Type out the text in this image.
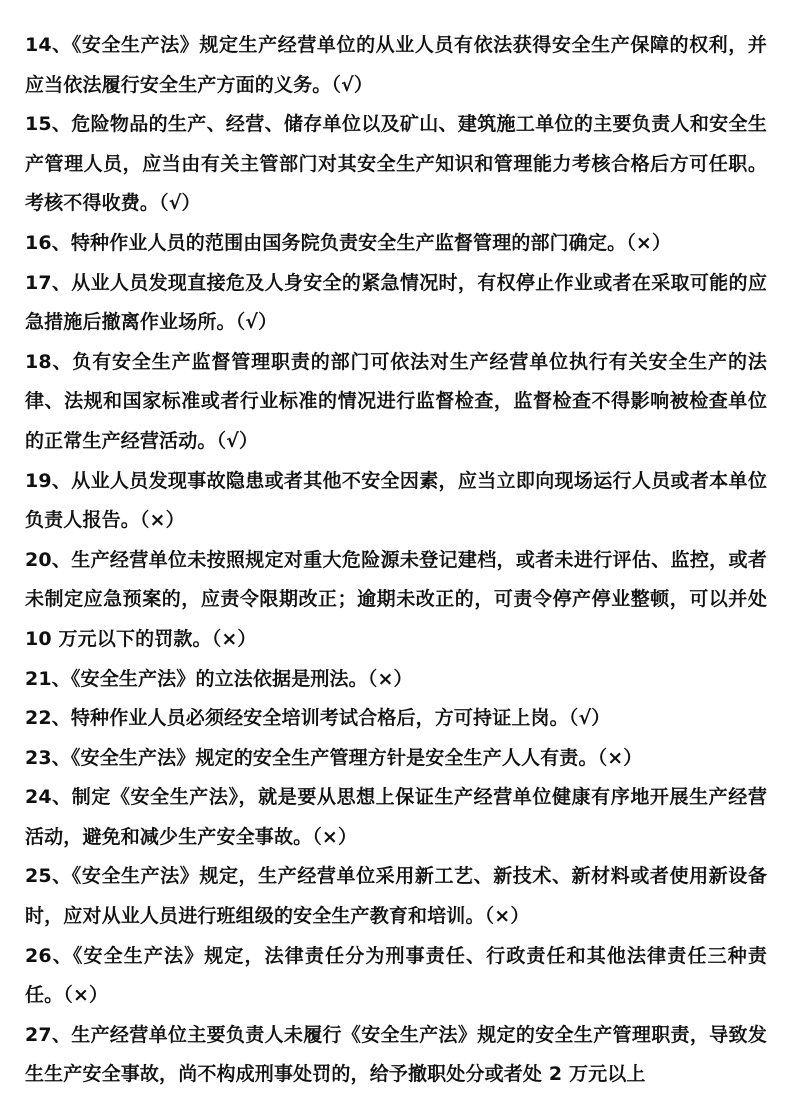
14、《安全生产法》规定生产经营单位的从业人员有依法获得安全生产保障的权利，并应当依法履行安全生产方面的义务。（√）

15、危险物品的生产、经营、储存单位以及矿山、建筑施工单位的主要负责人和安全生产管理人员，应当由有关主管部门对其安全生产知识和管理能力考核合格后方可任职。考核不得收费。（√）

16、特种作业人员的范围由国务院负责安全生产监督管理的部门确定。（×）

17、从业人员发现直接危及人身安全的紧急情况时，有权停止作业或者在采取可能的应急措施后撤离作业场所。（√）

18、负有安全生产监督管理职责的部门可依法对生产经营单位执行有关安全生产的法律、法规和国家标准或者行业标准的情况进行监督检查，监督检查不得影响被检查单位的正常生产经营活动。（√）

19、从业人员发现事故隐患或者其他不安全因素，应当立即向现场运行人员或者本单位负责人报告。（×）

20、生产经营单位未按照规定对重大危险源未登记建档，或者未进行评估、监控，或者未制定应急预案的，应责令限期改正；逾期未改正的，可责令停产停业整顿，可以并处 10 万元以下的罚款。（×）

21、《安全生产法》的立法依据是刑法。（×）

22、特种作业人员必须经安全培训考试合格后，方可持证上岗。（√）

23、《安全生产法》规定的安全生产管理方针是安全生产人人有责。（×）

24、制定《安全生产法》，就是要从思想上保证生产经营单位健康有序地开展生产经营活动，避免和减少生产安全事故。（×）

25、《安全生产法》规定，生产经营单位采用新工艺、新技术、新材料或者使用新设备时，应对从业人员进行班组级的安全生产教育和培训。（×）

26、《安全生产法》规定，法律责任分为刑事责任、行政责任和其他法律责任三种责任。（×）

27、生产经营单位主要负责人未履行《安全生产法》规定的安全生产管理职责，导致发生生产安全事故，尚不构成刑事处罚的，给予撤职处分或者处 2 万元以上
